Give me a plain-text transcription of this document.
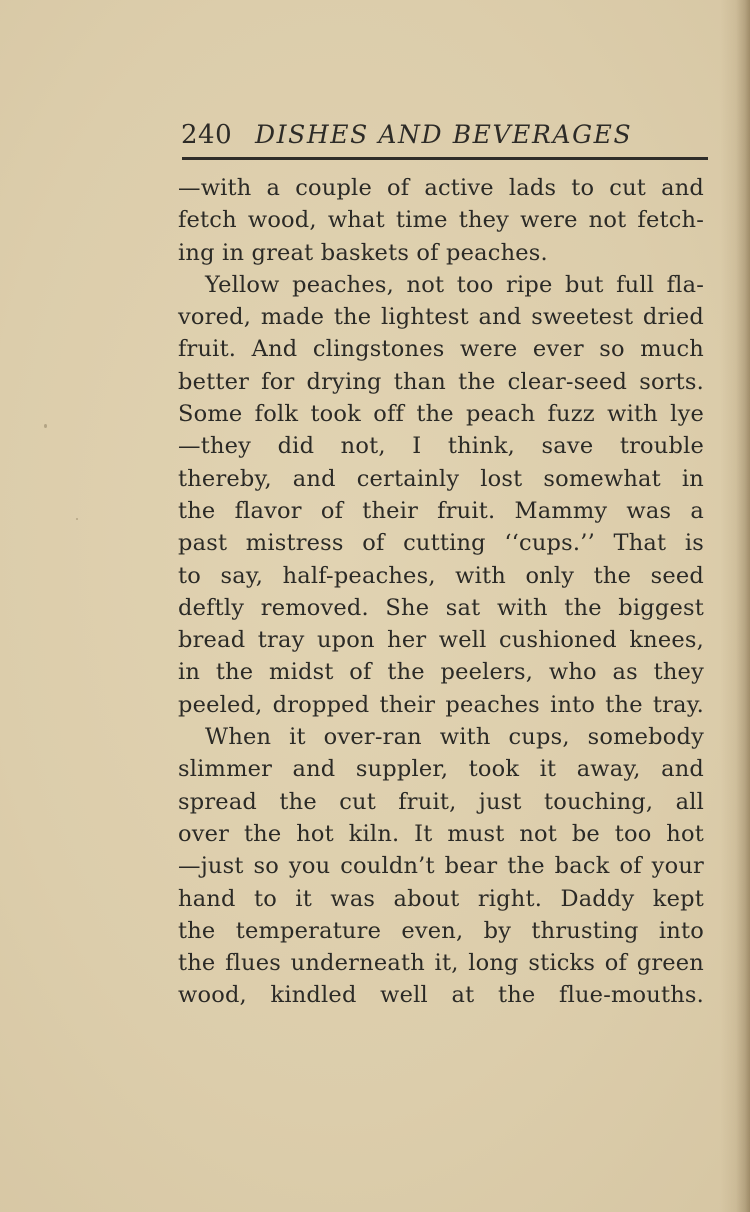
240 DISHES AND BEVERAGES
—with a couple of active lads to cut and
fetch wood, what time they were not fetch-
ing in great baskets of peaches.
Yellow peaches, not too ripe but full fla-
vored, made the lightest and sweetest dried
fruit. And clingstones were ever so much
better for drying than the clear-seed sorts.
Some folk took off the peach fuzz with lye
—they did not, I think, save trouble
thereby, and certainly lost somewhat in
the flavor of their fruit. Mammy was a
past mistress of cutting ‘‘cups.’’ That is
to say, half-peaches, with only the seed
deftly removed. She sat with the biggest
bread tray upon her well cushioned knees,
in the midst of the peelers, who as they
peeled, dropped their peaches into the tray.
When it over-ran with cups, somebody
slimmer and suppler, took it away, and
spread the cut fruit, just touching, all
over the hot kiln. It must not be too hot
—just so you couldn’t bear the back of your
hand to it was about right. Daddy kept
the temperature even, by thrusting into
the flues underneath it, long sticks of green
wood, kindled well at the flue-mouths.
